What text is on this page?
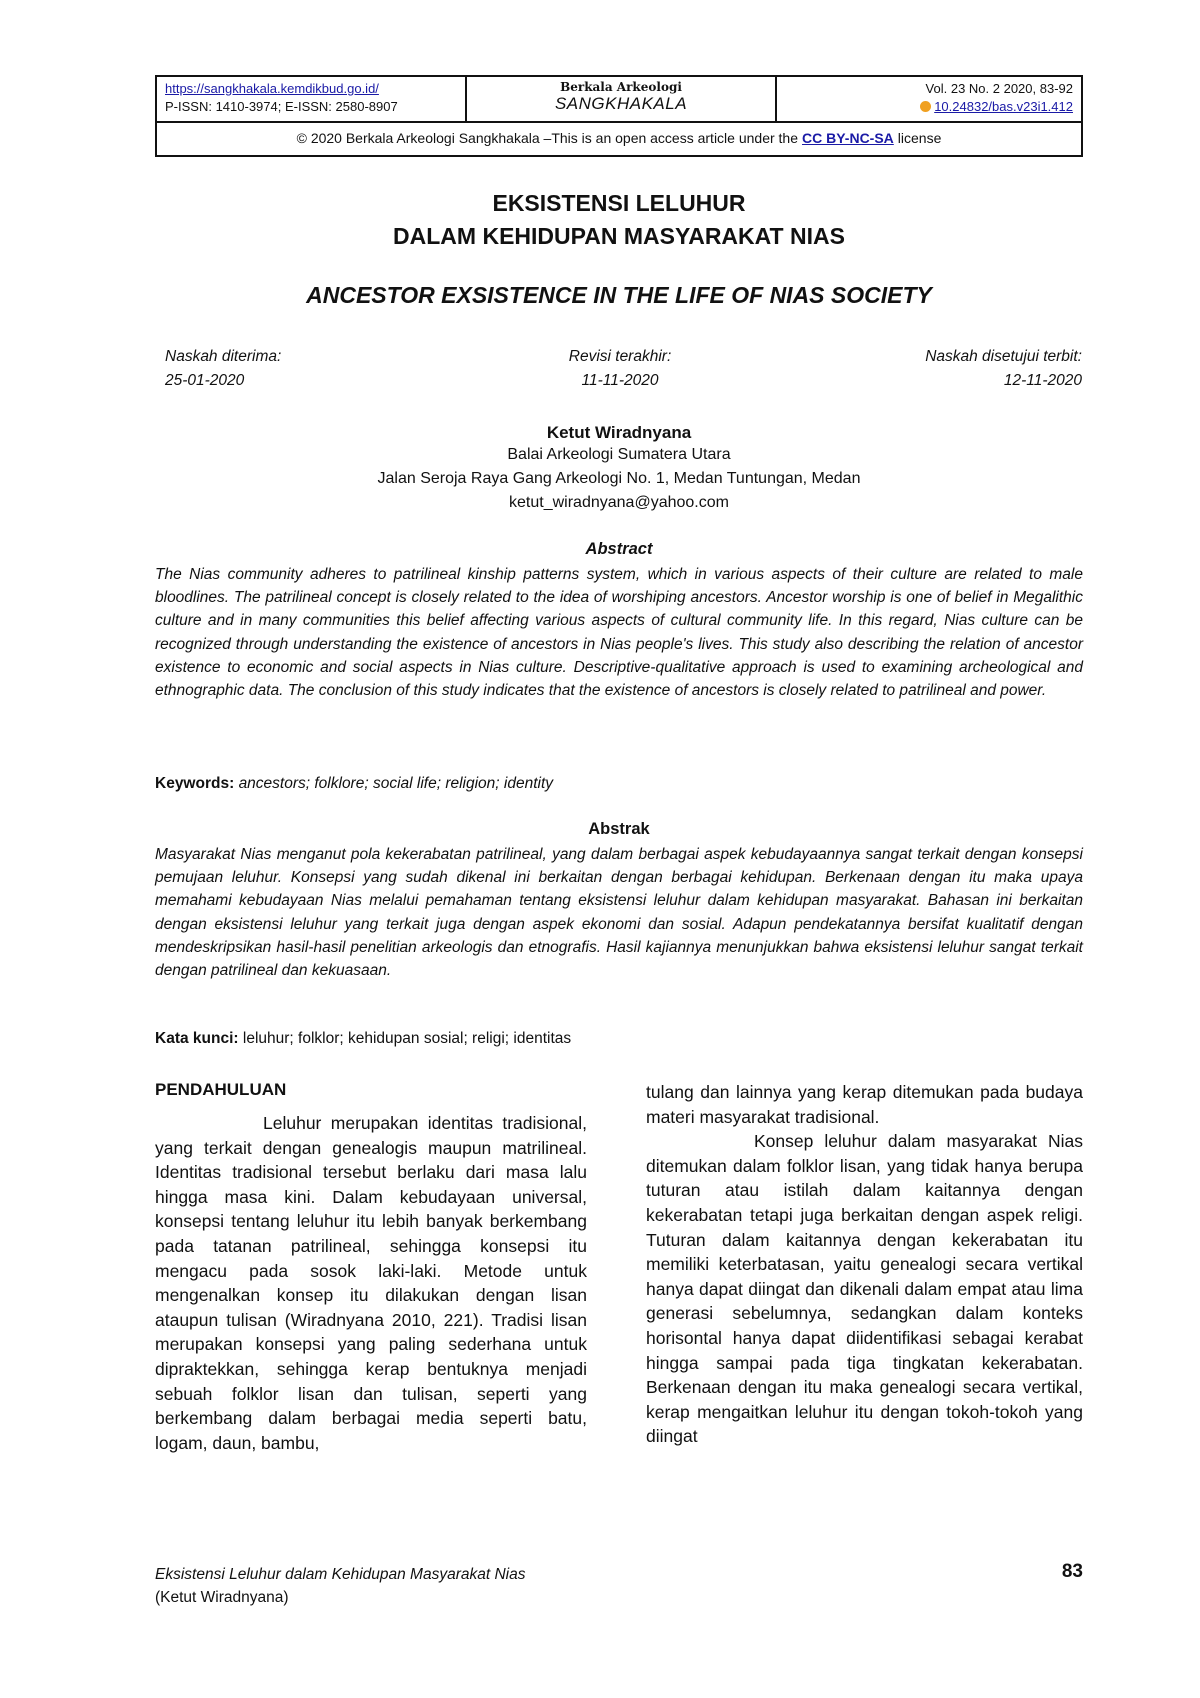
https://sangkhakala.kemdikbud.go.id/
P-ISSN: 1410-3974; E-ISSN: 2580-8907
Berkala Arkeologi
SANGKHAKALA
Vol. 23 No. 2 2020, 83-92
10.24832/bas.v23i1.412
© 2020 Berkala Arkeologi Sangkhakala –This is an open access article under the CC BY-NC-SA license
EKSISTENSI LELUHUR
DALAM KEHIDUPAN MASYARAKAT NIAS
ANCESTOR EXSISTENCE IN THE LIFE OF NIAS SOCIETY
Naskah diterima:
25-01-2020
Revisi terakhir:
11-11-2020
Naskah disetujui terbit:
12-11-2020
Ketut Wiradnyana
Balai Arkeologi Sumatera Utara
Jalan Seroja Raya Gang Arkeologi No. 1, Medan Tuntungan, Medan
ketut_wiradnyana@yahoo.com
Abstract
The Nias community adheres to patrilineal kinship patterns system, which in various aspects of their culture are related to male bloodlines. The patrilineal concept is closely related to the idea of worshiping ancestors. Ancestor worship is one of belief in Megalithic culture and in many communities this belief affecting various aspects of cultural community life. In this regard, Nias culture can be recognized through understanding the existence of ancestors in Nias people's lives. This study also describing the relation of ancestor existence to economic and social aspects in Nias culture. Descriptive-qualitative approach is used to examining archeological and ethnographic data. The conclusion of this study indicates that the existence of ancestors is closely related to patrilineal and power.
Keywords: ancestors; folklore; social life; religion; identity
Abstrak
Masyarakat Nias menganut pola kekerabatan patrilineal, yang dalam berbagai aspek kebudayaannya sangat terkait dengan konsepsi pemujaan leluhur. Konsepsi yang sudah dikenal ini berkaitan dengan berbagai kehidupan. Berkenaan dengan itu maka upaya memahami kebudayaan Nias melalui pemahaman tentang eksistensi leluhur dalam kehidupan masyarakat. Bahasan ini berkaitan dengan eksistensi leluhur yang terkait juga dengan aspek ekonomi dan sosial. Adapun pendekatannya bersifat kualitatif dengan mendeskripsikan hasil-hasil penelitian arkeologis dan etnografis. Hasil kajiannya menunjukkan bahwa eksistensi leluhur sangat terkait dengan patrilineal dan kekuasaan.
Kata kunci: leluhur; folklor; kehidupan sosial; religi; identitas
PENDAHULUAN

Leluhur merupakan identitas tradisional, yang terkait dengan genealogis maupun matrilineal. Identitas tradisional tersebut berlaku dari masa lalu hingga masa kini. Dalam kebudayaan universal, konsepsi tentang leluhur itu lebih banyak berkembang pada tatanan patrilineal, sehingga konsepsi itu mengacu pada sosok laki-laki. Metode untuk mengenalkan konsep itu dilakukan dengan lisan ataupun tulisan (Wiradnyana 2010, 221). Tradisi lisan merupakan konsepsi yang paling sederhana untuk dipraktekkan, sehingga kerap bentuknya menjadi sebuah folklor lisan dan tulisan, seperti yang berkembang dalam berbagai media seperti batu, logam, daun, bambu,

tulang dan lainnya yang kerap ditemukan pada budaya materi masyarakat tradisional.

Konsep leluhur dalam masyarakat Nias ditemukan dalam folklor lisan, yang tidak hanya berupa tuturan atau istilah dalam kaitannya dengan kekerabatan tetapi juga berkaitan dengan aspek religi. Tuturan dalam kaitannya dengan kekerabatan itu memiliki keterbatasan, yaitu genealogi secara vertikal hanya dapat diingat dan dikenali dalam empat atau lima generasi sebelumnya, sedangkan dalam konteks horisontal hanya dapat diidentifikasi sebagai kerabat hingga sampai pada tiga tingkatan kekerabatan. Berkenaan dengan itu maka genealogi secara vertikal, kerap mengaitkan leluhur itu dengan tokoh-tokoh yang diingat

Eksistensi Leluhur dalam Kehidupan Masyarakat Nias
(Ketut Wiradnyana)
83
